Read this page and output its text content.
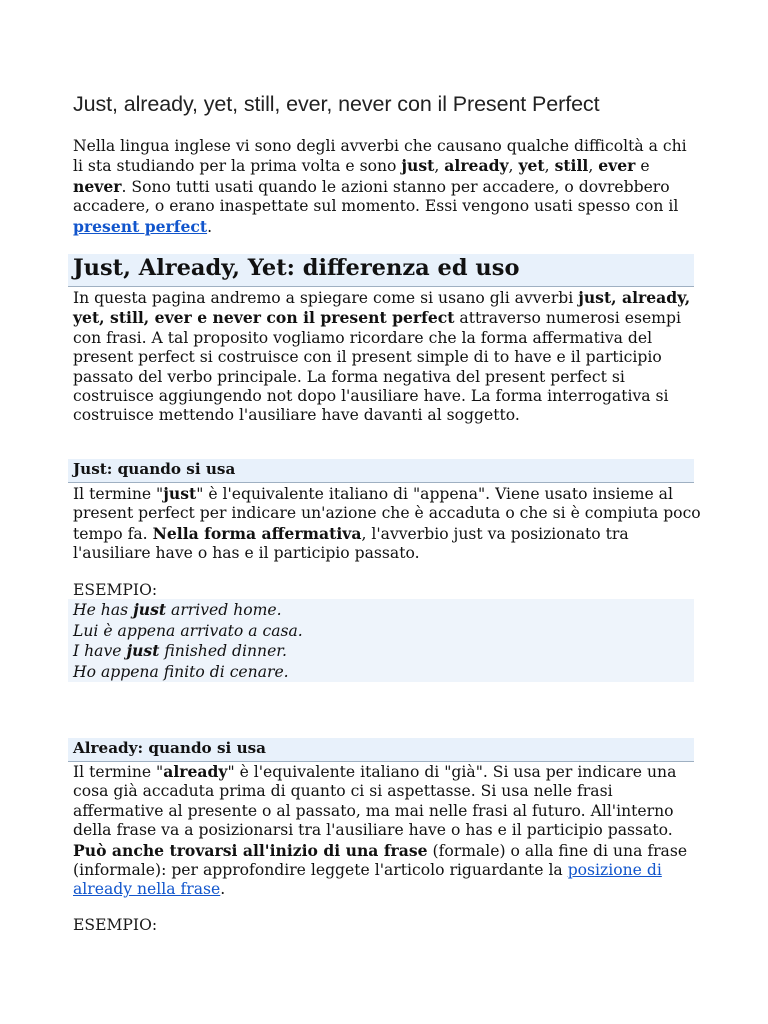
Just, already, yet, still, ever, never con il Present Perfect

Nella lingua inglese vi sono degli avverbi che causano qualche difficoltà a chi li sta studiando per la prima volta e sono just, already, yet, still, ever e never. Sono tutti usati quando le azioni stanno per accadere, o dovrebbero accadere, o erano inaspettate sul momento. Essi vengono usati spesso con il present perfect.

Just, Already, Yet: differenza ed uso

In questa pagina andremo a spiegare come si usano gli avverbi just, already, yet, still, ever e never con il present perfect attraverso numerosi esempi con frasi. A tal proposito vogliamo ricordare che la forma affermativa del present perfect si costruisce con il present simple di to have e il participio passato del verbo principale. La forma negativa del present perfect si costruisce aggiungendo not dopo l'ausiliare have. La forma interrogativa si costruisce mettendo l'ausiliare have davanti al soggetto.

Just: quando si usa

Il termine "just" è l'equivalente italiano di "appena". Viene usato insieme al present perfect per indicare un'azione che è accaduta o che si è compiuta poco tempo fa. Nella forma affermativa, l'avverbio just va posizionato tra l'ausiliare have o has e il participio passato.

ESEMPIO:
He has just arrived home.
Lui è appena arrivato a casa.
I have just finished dinner.
Ho appena finito di cenare.
Already: quando si usa

Il termine "already" è l'equivalente italiano di "già". Si usa per indicare una cosa già accaduta prima di quanto ci si aspettasse. Si usa nelle frasi affermative al presente o al passato, ma mai nelle frasi al futuro. All'interno della frase va a posizionarsi tra l'ausiliare have o has e il participio passato. Può anche trovarsi all'inizio di una frase (formale) o alla fine di una frase (informale): per approfondire leggete l'articolo riguardante la posizione di already nella frase.

ESEMPIO:
